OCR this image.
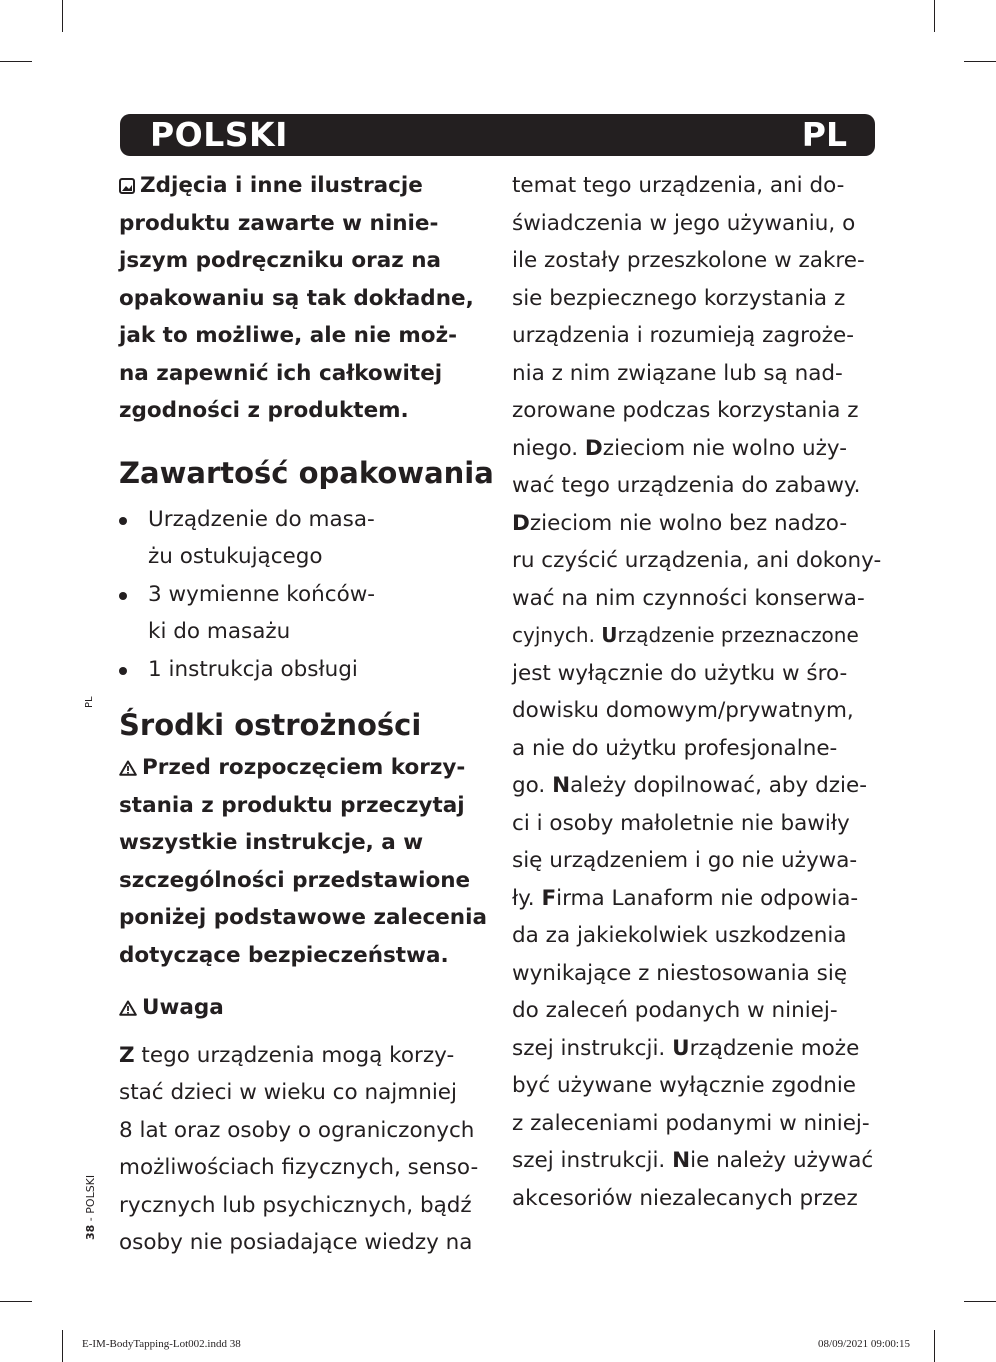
POLSKI	PL
PL
38 - POLSKI
Zdjęcia i inne ilustracje
produktu zawarte w ninie-
jszym podręczniku oraz na
opakowaniu są tak dokładne,
jak to możliwe, ale nie moż-
na zapewnić ich całkowitej
zgodności z produktem.
Zawartość opakowania
Urządzenie do masa-
żu ostukującego
3 wymienne końców-
ki do masażu
1 instrukcja obsługi
Środki ostrożności
Przed rozpoczęciem korzy-
stania z produktu przeczytaj
wszystkie instrukcje, a w
szczególności przedstawione
poniżej podstawowe zalecenia
dotyczące bezpieczeństwa.
Uwaga
Z tego urządzenia mogą korzy-
stać dzieci w wieku co najmniej
8 lat oraz osoby o ograniczonych
możliwościach fizycznych, senso-
rycznych lub psychicznych, bądź
osoby nie posiadające wiedzy na
temat tego urządzenia, ani do-
świadczenia w jego używaniu, o
ile zostały przeszkolone w zakre-
sie bezpiecznego korzystania z
urządzenia i rozumieją zagroże-
nia z nim związane lub są nad-
zorowane podczas korzystania z
niego. Dzieciom nie wolno uży-
wać tego urządzenia do zabawy.
Dzieciom nie wolno bez nadzo-
ru czyścić urządzenia, ani dokony-
wać na nim czynności konserwa-
cyjnych. Urządzenie przeznaczone
jest wyłącznie do użytku w śro-
dowisku domowym/prywatnym,
a nie do użytku profesjonalne-
go. Należy dopilnować, aby dzie-
ci i osoby małoletnie nie bawiły
się urządzeniem i go nie używa-
ły. Firma Lanaform nie odpowia-
da za jakiekolwiek uszkodzenia
wynikające z niestosowania się
do zaleceń podanych w niniej-
szej instrukcji. Urządzenie może
być używane wyłącznie zgodnie
z zaleceniami podanymi w niniej-
szej instrukcji. Nie należy używać
akcesoriów niezalecanych przez
E-IM-BodyTapping-Lot002.indd 38	08/09/2021 09:00:15
